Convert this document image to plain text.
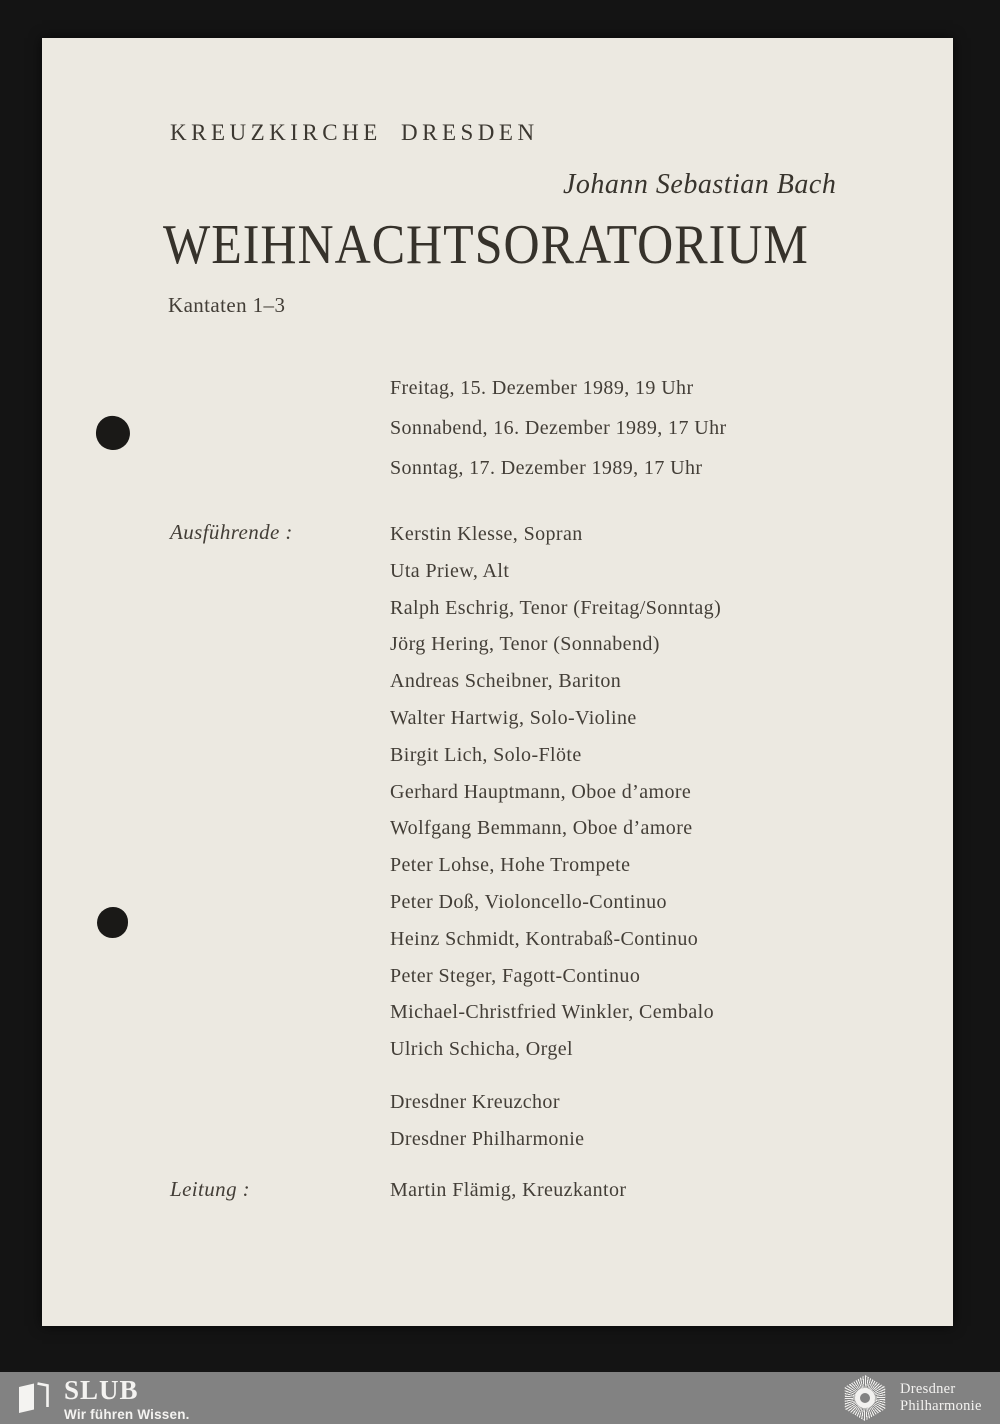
KREUZKIRCHE DRESDEN
Johann Sebastian Bach
WEIHNACHTSORATORIUM
Kantaten 1–3
Freitag, 15. Dezember 1989, 19 Uhr
Sonnabend, 16. Dezember 1989, 17 Uhr
Sonntag, 17. Dezember 1989, 17 Uhr
Ausführende :	Kerstin Klesse, Sopran
Uta Priew, Alt
Ralph Eschrig, Tenor (Freitag/Sonntag)
Jörg Hering, Tenor (Sonnabend)
Andreas Scheibner, Bariton
Walter Hartwig, Solo-Violine
Birgit Lich, Solo-Flöte
Gerhard Hauptmann, Oboe d’amore
Wolfgang Bemmann, Oboe d’amore
Peter Lohse, Hohe Trompete
Peter Doß, Violoncello-Continuo
Heinz Schmidt, Kontrabaß-Continuo
Peter Steger, Fagott-Continuo
Michael-Christfried Winkler, Cembalo
Ulrich Schicha, Orgel
Dresdner Kreuzchor
Dresdner Philharmonie
Leitung :	Martin Flämig, Kreuzkantor
SLUB
Wir führen Wissen.
Dresdner
Philharmonie
